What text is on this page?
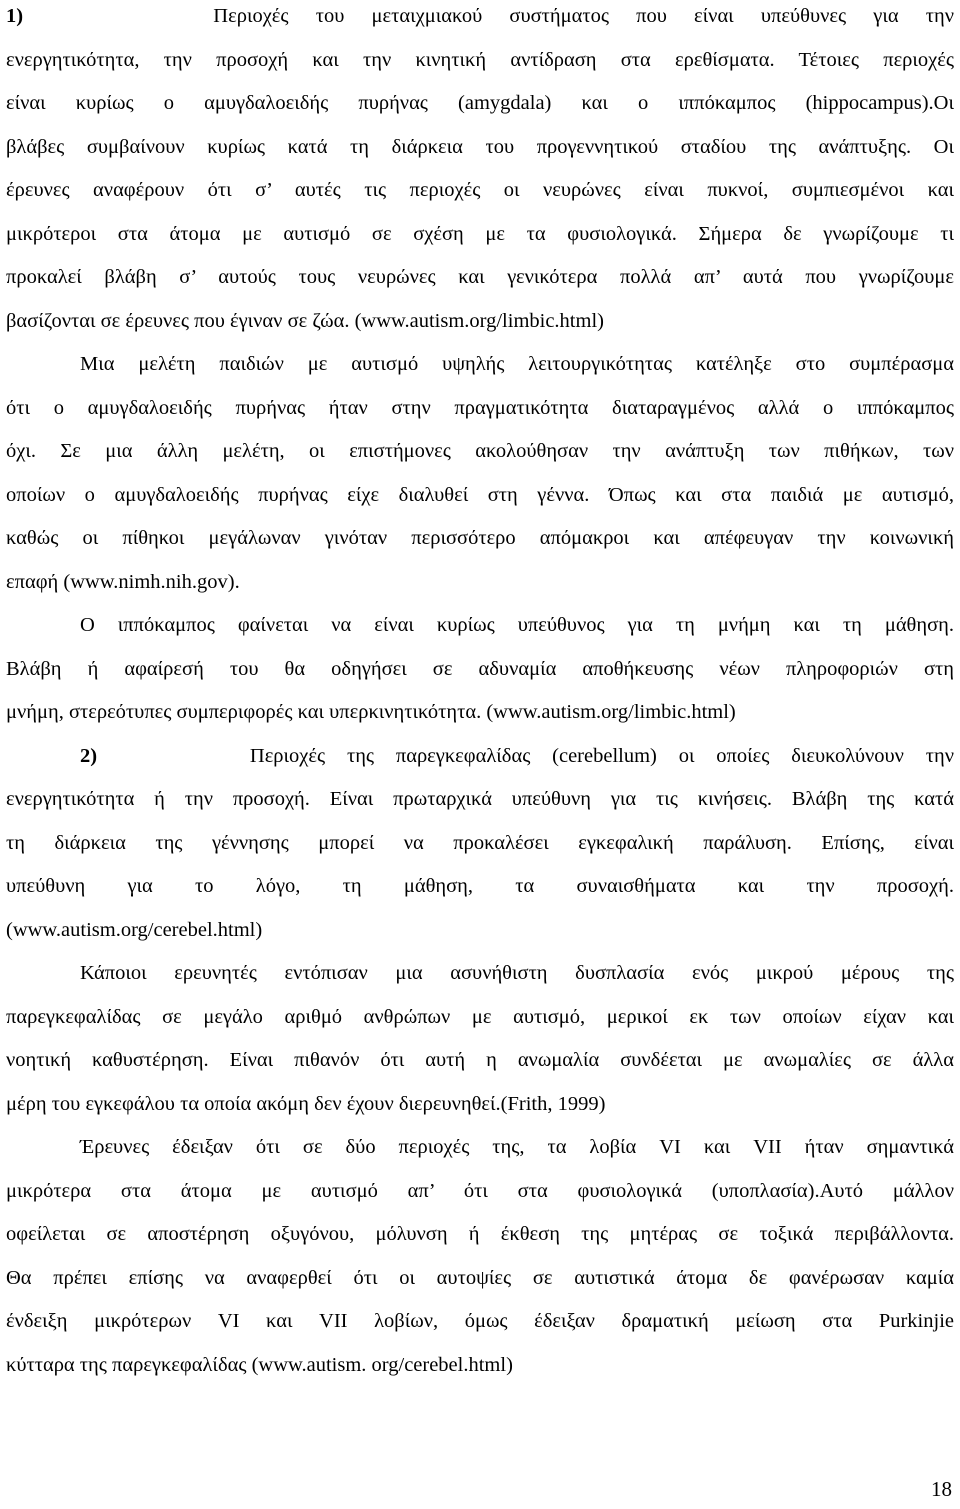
1)	Περιοχές του μεταιχμιακού συστήματος που είναι υπεύθυνες για την
ενεργητικότητα, την προσοχή και την κινητική αντίδραση στα ερεθίσματα. Τέτοιες περιοχές
είναι κυρίως ο αμυγδαλοειδής πυρήνας (amygdala) και ο ιππόκαμπος (hippocampus).Οι
βλάβες συμβαίνουν κυρίως κατά τη διάρκεια του προγεννητικού σταδίου της ανάπτυξης. Οι
έρευνες αναφέρουν ότι σ’ αυτές τις περιοχές οι νευρώνες είναι πυκνοί, συμπιεσμένοι και
μικρότεροι στα άτομα με αυτισμό σε σχέση με τα φυσιολογικά. Σήμερα δε γνωρίζουμε τι
προκαλεί βλάβη σ’ αυτούς τους νευρώνες και γενικότερα πολλά απ’ αυτά που γνωρίζουμε
βασίζονται σε έρευνες που έγιναν σε ζώα. (www.autism.org/limbic.html)
Μια μελέτη παιδιών με αυτισμό υψηλής λειτουργικότητας κατέληξε στο συμπέρασμα
ότι ο αμυγδαλοειδής πυρήνας ήταν στην πραγματικότητα διαταραγμένος αλλά ο ιππόκαμπος
όχι. Σε μια άλλη μελέτη, οι επιστήμονες ακολούθησαν την ανάπτυξη των πιθήκων, των
οποίων ο αμυγδαλοειδής πυρήνας είχε διαλυθεί στη γέννα. Όπως και στα παιδιά με αυτισμό,
καθώς οι πίθηκοι μεγάλωναν γινόταν περισσότερο απόμακροι και απέφευγαν την κοινωνική
επαφή (www.nimh.nih.gov).
Ο ιππόκαμπος φαίνεται να είναι κυρίως υπεύθυνος για τη μνήμη και τη μάθηση.
Βλάβη ή αφαίρεσή του θα οδηγήσει σε αδυναμία αποθήκευσης νέων πληροφοριών στη
μνήμη, στερεότυπες συμπεριφορές και υπερκινητικότητα. (www.autism.org/limbic.html)
2)	Περιοχές της παρεγκεφαλίδας (cerebellum) οι οποίες διευκολύνουν την
ενεργητικότητα ή την προσοχή. Είναι πρωταρχικά υπεύθυνη για τις κινήσεις. Βλάβη της κατά
τη διάρκεια της γέννησης μπορεί να προκαλέσει εγκεφαλική παράλυση. Επίσης, είναι
υπεύθυνη για το λόγο, τη μάθηση, τα συναισθήματα και την προσοχή.
(www.autism.org/cerebel.html)
Κάποιοι ερευνητές εντόπισαν μια ασυνήθιστη δυσπλασία ενός μικρού μέρους της
παρεγκεφαλίδας σε μεγάλο αριθμό ανθρώπων με αυτισμό, μερικοί εκ των οποίων είχαν και
νοητική καθυστέρηση. Είναι πιθανόν ότι αυτή η ανωμαλία συνδέεται με ανωμαλίες σε άλλα
μέρη του εγκεφάλου τα οποία ακόμη δεν έχουν διερευνηθεί.(Frith, 1999)
Έρευνες έδειξαν ότι σε δύο περιοχές της, τα λοβία VI και VII ήταν σημαντικά
μικρότερα στα άτομα με αυτισμό απ’ ότι στα φυσιολογικά (υποπλασία).Αυτό μάλλον
οφείλεται σε αποστέρηση οξυγόνου, μόλυνση ή έκθεση της μητέρας σε τοξικά περιβάλλοντα.
Θα πρέπει επίσης να αναφερθεί ότι οι αυτοψίες σε αυτιστικά άτομα δε φανέρωσαν καμία
ένδειξη μικρότερων VI και VII λοβίων, όμως έδειξαν δραματική μείωση στα Purkinjie
κύτταρα της παρεγκεφαλίδας (www.autism. org/cerebel.html)
18
